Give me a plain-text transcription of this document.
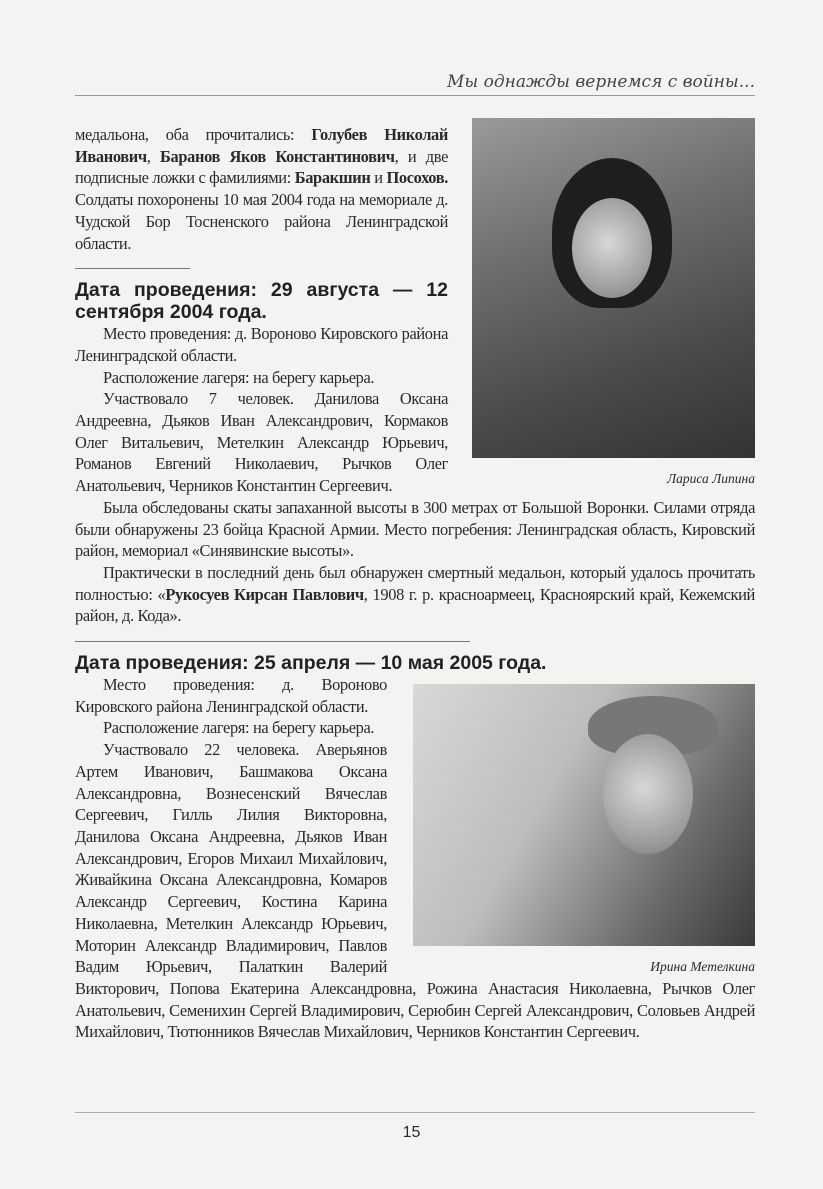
Мы однажды вернемся с войны...
Лариса Липина

медальона, оба прочитались: Голубев Николай Иванович, Баранов Яков Константинович, и две подписные ложки с фамилиями: Баракшин и Посохов. Солдаты похоронены 10 мая 2004 года на мемориале д. Чудской Бор Тосненского района Ленинградской области.

Дата проведения: 29 августа — 12 сентября 2004 года.

Место проведения: д. Вороново Кировского района Ленинградской области.

Расположение лагеря: на берегу карьера.

Участвовало 7 человек. Данилова Оксана Андреевна, Дьяков Иван Александрович, Кормаков Олег Витальевич, Метелкин Александр Юрьевич, Романов Евгений Николаевич, Рычков Олег Анатольевич, Черников Константин Сергеевич.

Была обследованы скаты запаханной высоты в 300 метрах от Большой Воронки. Силами отряда были обнаружены 23 бойца Красной Армии. Место погребения: Ленинградская область, Кировский район, мемориал «Синявинские высоты».

Практически в последний день был обнаружен смертный медальон, который удалось прочитать полностью: «Рукосуев Кирсан Павлович, 1908 г. р. красноармеец, Красноярский край, Кежемский район, д. Кода».

Дата проведения: 25 апреля — 10 мая 2005 года.
Ирина Метелкина

Место проведения: д. Вороново Кировского района Ленинградской области.

Расположение лагеря: на берегу карьера.

Участвовало 22 человека. Аверьянов Артем Иванович, Башмакова Оксана Александровна, Вознесенский Вячеслав Сергеевич, Гилль Лилия Викторовна, Данилова Оксана Андреевна, Дьяков Иван Александрович, Егоров Михаил Михайлович, Живайкина Оксана Александровна, Комаров Александр Сергеевич, Костина Карина Николаевна, Метелкин Александр Юрьевич, Моторин Александр Владимирович, Павлов Вадим Юрьевич, Палаткин Валерий Викторович, Попова Екатерина Александровна, Рожина Анастасия Николаевна, Рычков Олег Анатольевич, Семенихин Сергей Владимирович, Серюбин Сергей Александрович, Соловьев Андрей Михайлович, Тютюнников Вячеслав Михайлович, Черников Константин Сергеевич.

15
